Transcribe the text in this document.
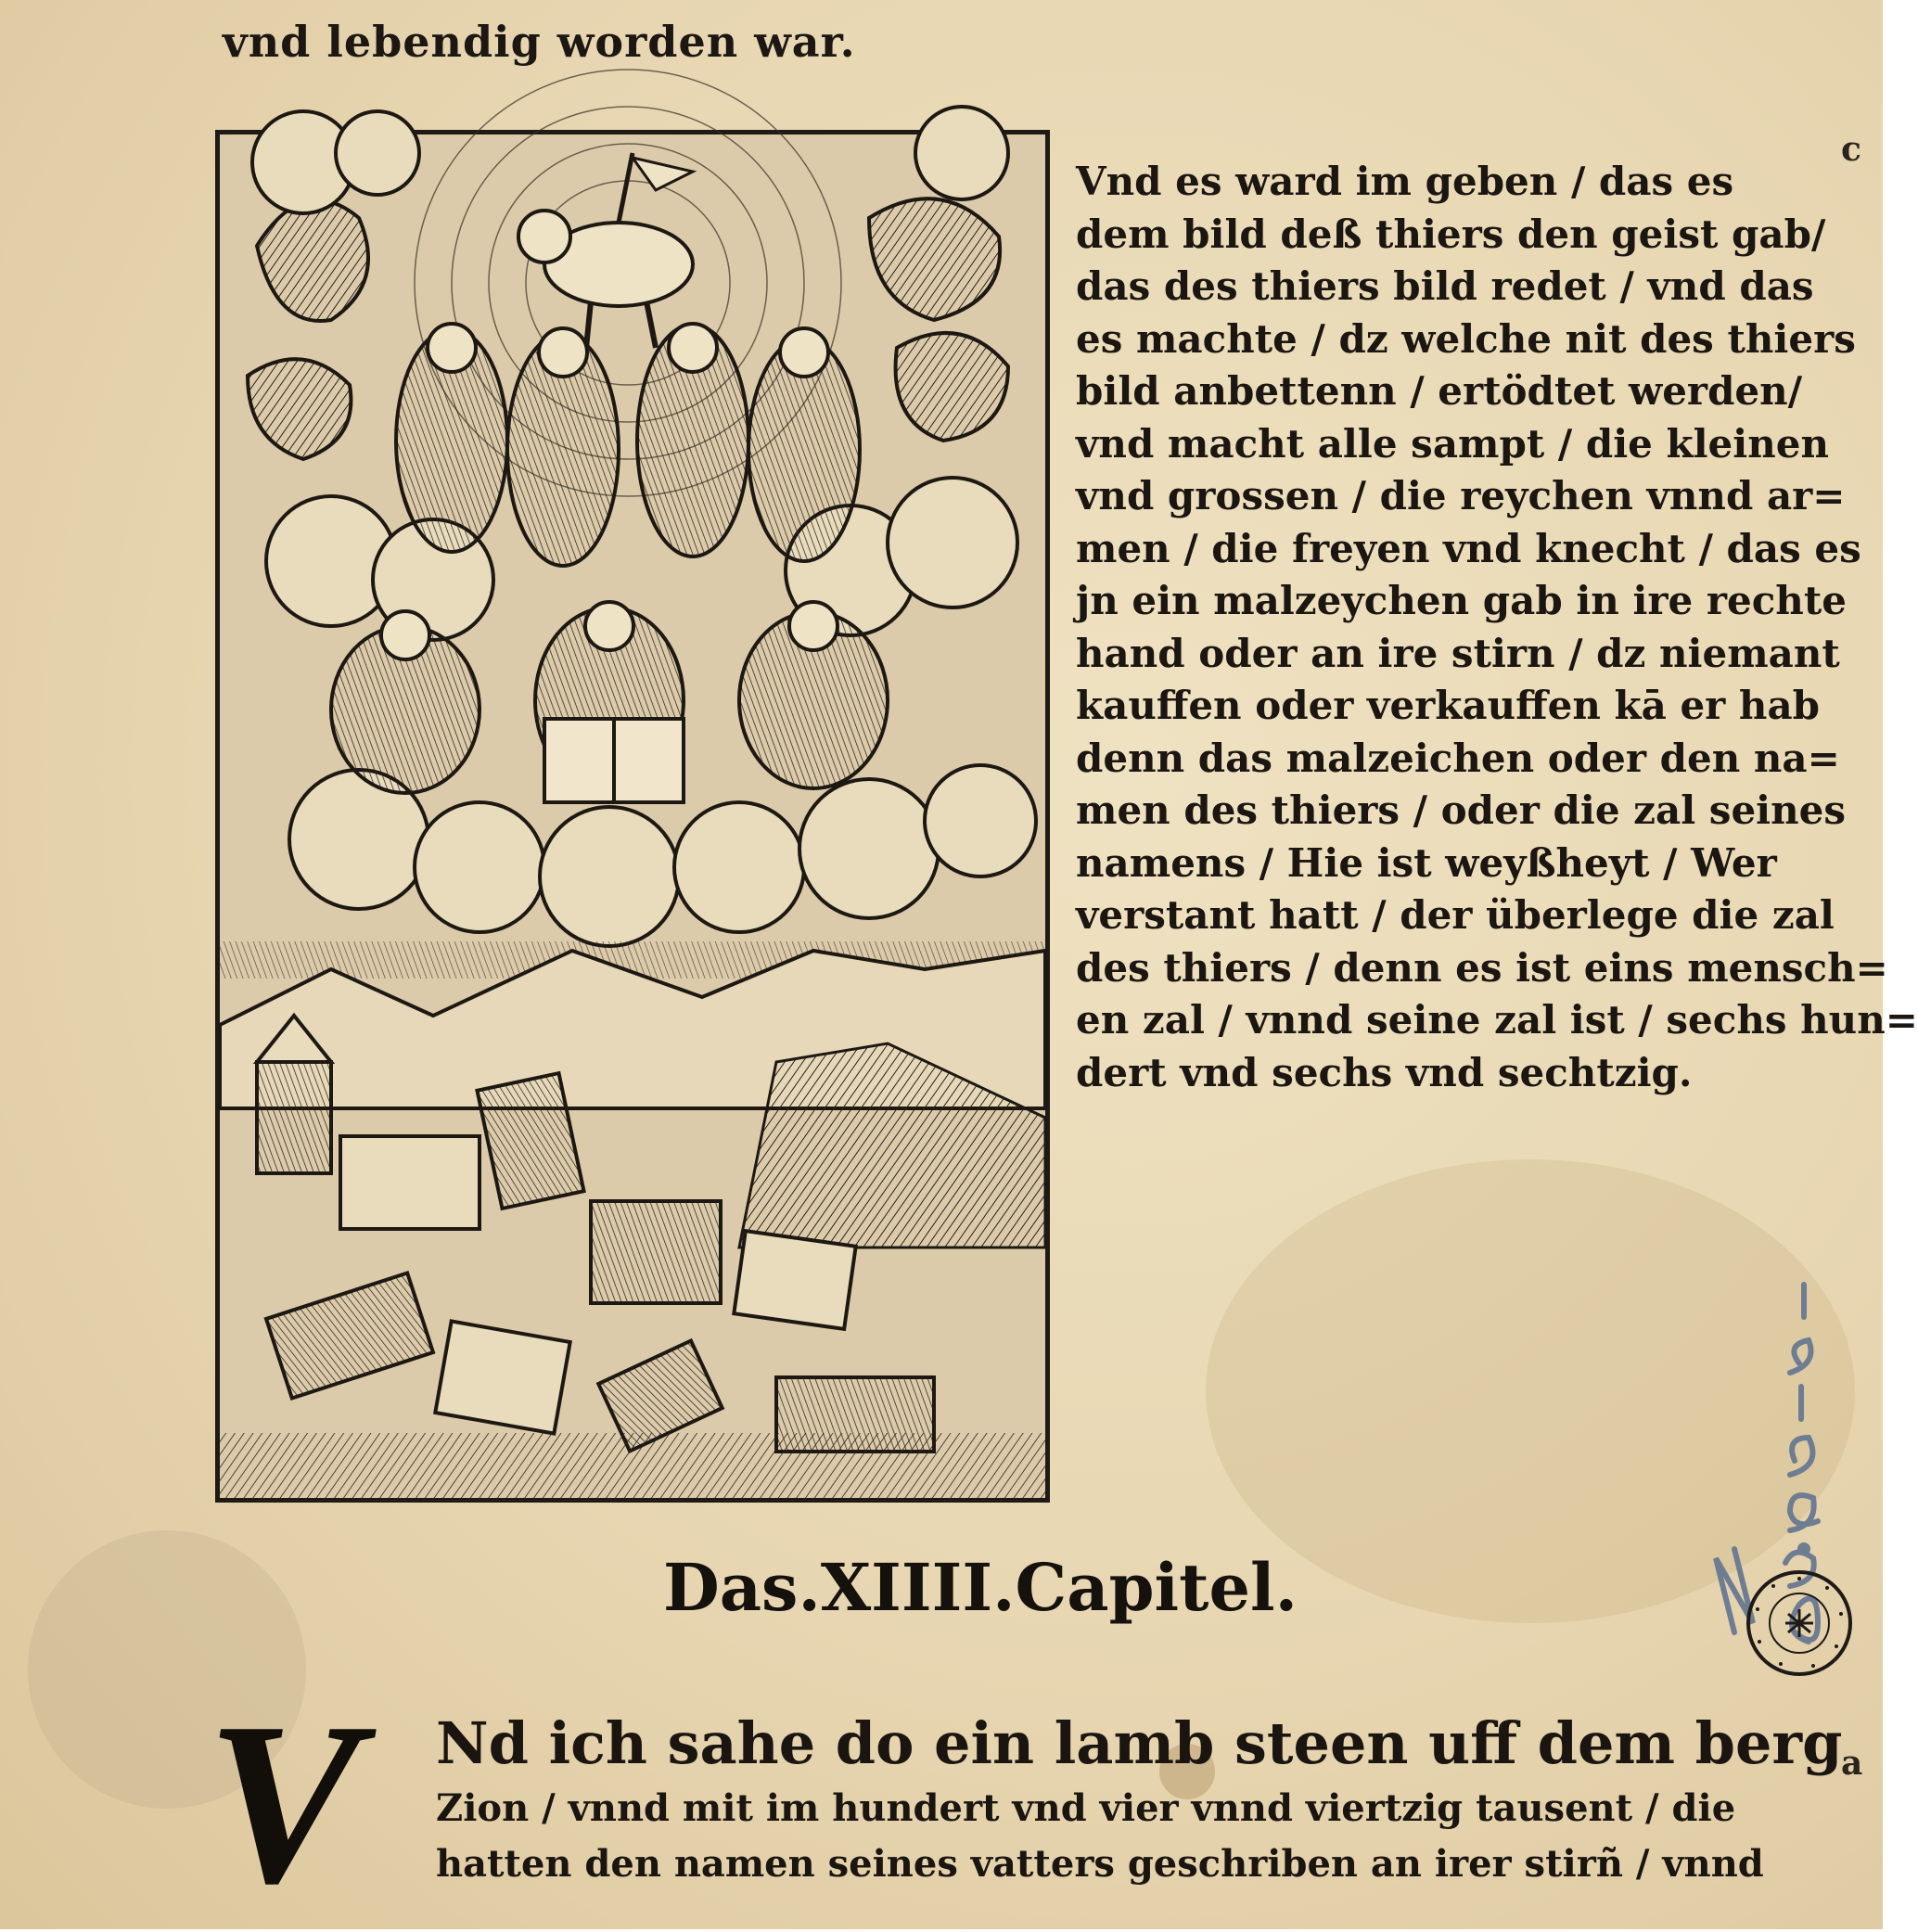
vnd lebendig worden war.
Vnd es ward im geben / das es
dem bild deß thiers den geist gab/
das des thiers bild redet / vnd das
es machte / dz welche nit des thiers
bild anbettenn / ertödtet werden/
vnd macht alle sampt / die kleinen
vnd grossen / die reychen vnnd ar=
men / die freyen vnd knecht / das es
jn ein malzeychen gab in ire rechte
hand oder an ire stirn / dz niemant
kauffen oder verkauffen kā er hab
denn das malzeichen oder den na=
men des thiers / oder die zal seines
namens / Hie ist weyßheyt / Wer
verstant hatt / der überlege die zal
des thiers / denn es ist eins mensch=
en zal / vnnd seine zal ist / sechs hun=
dert vnd sechs vnd sechtzig.
c
a
Das.XIIII.Capitel.
V	Nd ich sahe do ein lamb steen uff dem berg
Zion / vnnd mit im hundert vnd vier vnnd viertzig tausent / die
hatten den namen seines vatters geschriben an irer stirñ / vnnd
